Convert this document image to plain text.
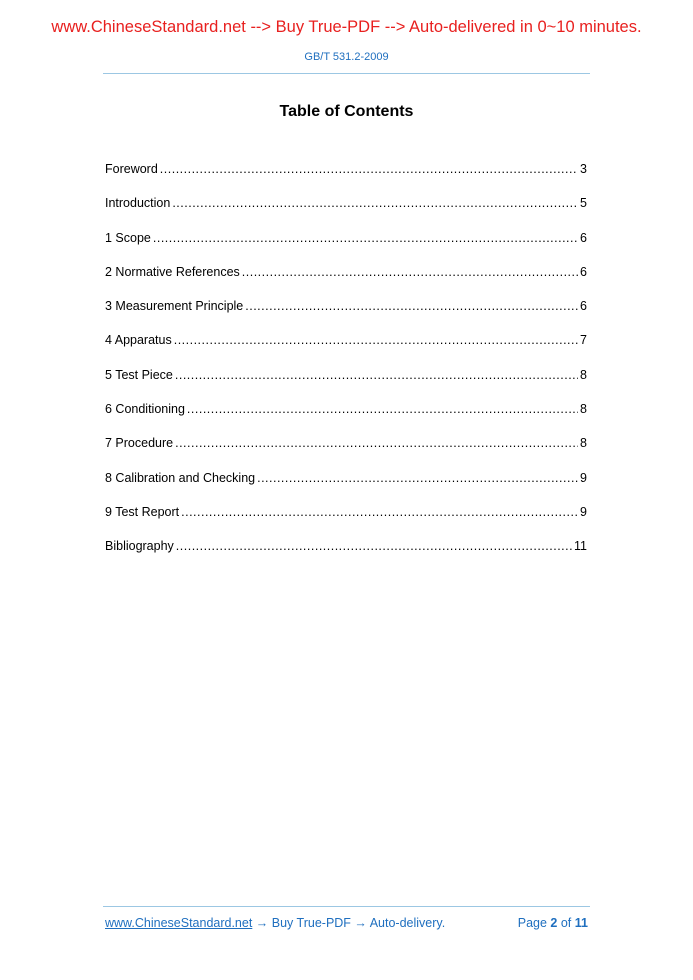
www.ChineseStandard.net --> Buy True-PDF --> Auto-delivered in 0~10 minutes.
GB/T 531.2-2009
Table of Contents
Foreword .....	3
Introduction .....	5
1 Scope .....	6
2 Normative References .....	6
3 Measurement Principle .....	6
4 Apparatus .....	7
5 Test Piece .....	8
6 Conditioning .....	8
7 Procedure .....	8
8 Calibration and Checking .....	9
9 Test Report .....	9
Bibliography .....	11
www.ChineseStandard.net → Buy True-PDF → Auto-delivery.	Page 2 of 11
